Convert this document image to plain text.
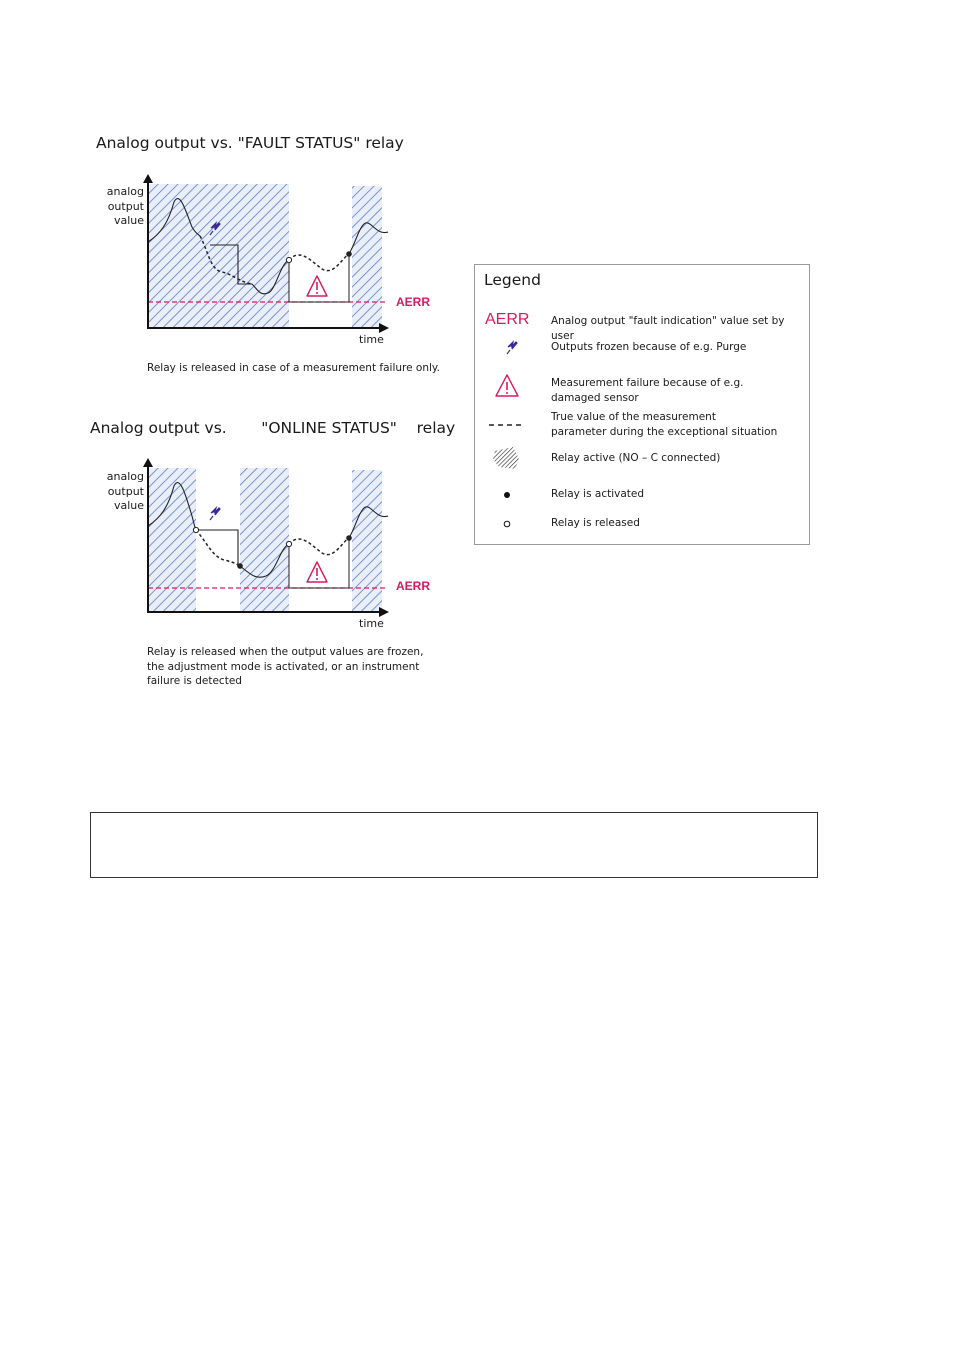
Analog output vs. "FAULT STATUS" relay
analog
output
value
AERR
time
Relay is released in case of a measurement failure only.
Analog output vs.       "ONLINE STATUS"    relay
analog
output
value
AERR
time
Relay is released when the output values are frozen,
the adjustment mode is activated, or an instrument
failure is detected
Legend
AERR Analog output "fault indication" value set by user
Outputs frozen because of e.g. Purge
Measurement failure because of e.g.
damaged sensor
True value of the measurement
parameter during the exceptional situation
Relay active (NO – C connected)
Relay is activated
Relay is released
